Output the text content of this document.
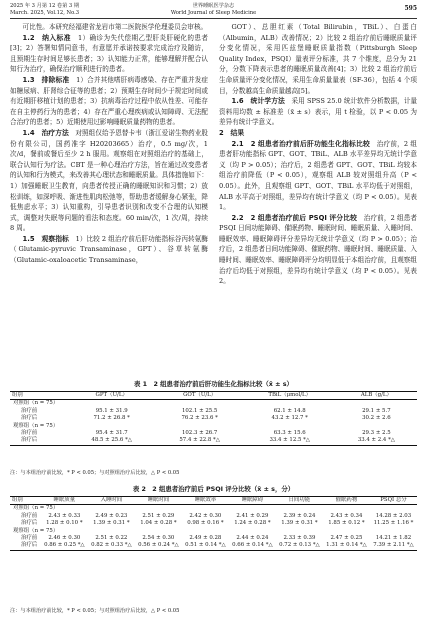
2025 年 3 月第 12 卷第 3 期
March. 2025, Vol.12, No.3
世界睡眠医学杂志
World Journal of Sleep Medicine
595

可比性。本研究经福建省龙岩市第二医院医学伦理委员会审核。

1.2　纳入标准　 1）确诊为失代偿期乙型肝炎肝硬化的患者[3]；2）答署知情同意书，有意愿并承诺按要求完成治疗及随访，且预期生存时间足够长患者；3）认知能力正常，能够理解并配合认知行为治疗，确保治疗顺利进行的患者。

1.3　排除标准　 1）合并其他嗜肝病毒感染、存在严重并发症如糖尿病、肝肾综合征等的患者；2）预期生存时间少于规定时间或有近期肝移植计划的患者；3）抗病毒治疗过程中依从性差、可能存在自主停药行为的患者；4）存在严重心理疾病或认知障碍、无法配合治疗的患者；5）近期使用过影响睡眠质量药物的患者。

1.4　治疗方法　 对照组仅给予恩替卡韦（浙江爱诺生物药业股份有限公司，国药准字 H20203665）治疗，0.5 mg/次，1 次/d，餐前或餐后至少 2 h 服用。观察组在对照组治疗的基础上，联合认知行为疗法。CBT 是一种心理治疗方法，旨在通过改变患者的认知和行为模式，来改善其心理状态和睡眠质量。具体措施如下：1）加强睡眠卫生教育，向患者传授正确的睡眠知识和习惯；2）放松训练，如深呼吸、渐进性肌肉松弛等，帮助患者缓解身心紧张，降低焦虑水平；3）认知重构，引导患者识别和改变不合理的认知模式，调整对失眠等问题的看法和态度。60 min/次，1 次/周，持续 8 周。

1.5　观察指标　 1）比较 2 组治疗前后肝功能指标谷丙转氨酶（Glutamic-pyruvic Transaminase，GPT）、谷草转氨酶（Glutamic-oxaloacetic Transaminase，

GOT）、总胆红素（Total Bilirubin，TBiL）、白蛋白（Albumin，ALB）改善情况；2）比较 2 组治疗前后睡眠质量评分变化情况，采用匹兹堡睡眠质量指数（Pittsburgh Sleep Quality Index，PSQI）量表评分标准，共 7 个维度，总分为 21 分，分数下降表示患者的睡眠质量改善[4]；3）比较 2 组治疗前后生命质量评分变化情况，采用生命质量量表（SF-36），包括 4 个项目，分数越高生命质量越高[5]。

1.6　统计学方法　 采用 SPSS 25.0 统计软件分析数据，计量资料用均数 ± 标准差（x̄ ± s）表示，用 t 检验，以 P < 0.05 为差异有统计学意义。

2　结果

2.1　2 组患者治疗前后肝功能生化指标比较　 治疗前，2 组患者肝功能指标 GPT、GOT、TBiL、ALB 水平差异均无统计学意义（均 P > 0.05）；治疗后，2 组患者 GPT、GOT、TBiL 均较本组治疗前降低（P < 0.05），观察组 ALB 较对照组升高（P < 0.05）。此外，且观察组 GPT、GOT、TBiL 水平均低于对照组，ALB 水平高于对照组，差异均有统计学意义（均 P < 0.05）。见表 1。

2.2　2 组患者治疗前后 PSQI 评分比较　 治疗前，2 组患者 PSQI 日间功能障碍、催眠药物、睡眠时间、睡眠质量、入睡时间、睡眠效率、睡眠障碍评分差异均无统计学意义（均 P > 0.05）；治疗后，2 组患者日间功能障碍、催眠药物、睡眠时间、睡眠质量、入睡时间、睡眠效率、睡眠障碍评分均明显低于本组治疗前，且观察组治疗后均低于对照组，差异均有统计学意义（均 P < 0.05）。见表 2。

表 1　2 组患者治疗前后肝功能生化指标比较（x̄ ± s）
组别	GPT（U/L）	GOT（U/L）	TBiL（μmol/L）	ALB（g/L）
对照组（n = 75）				
治疗前	95.1 ± 31.9	102.1 ± 25.5	62.1 ± 14.8	29.1 ± 5.7
治疗后	71.2 ± 26.8 *	76.2 ± 23.6 *	43.2 ± 12.7 *	30.2 ± 2.6
观察组（n = 75）				
治疗前	95.4 ± 31.7	102.3 ± 26.7	63.3 ± 15.6	29.3 ± 2.5
治疗后	48.5 ± 25.6 *△	57.4 ± 22.8 *△	33.4 ± 12.5 *△	33.4 ± 2.4 *△
注：与本组治疗前比较，* P < 0.05；与对照组治疗后比较，△ P < 0.05
表 2　2 组患者治疗前后 PSQI 评分比较（x̄ ± s，分）
组别	睡眠质量	入睡时间	睡眠时间	睡眠效率	睡眠障碍	日间功能	催眠药物	PSQI 总分
对照组（n = 75）								
治疗前	2.43 ± 0.33	2.49 ± 0.23	2.51 ± 0.29	2.42 ± 0.30	2.41 ± 0.29	2.39 ± 0.24	2.43 ± 0.34	14.28 ± 2.03
治疗后	1.28 ± 0.10 *	1.39 ± 0.31 *	1.04 ± 0.28 *	0.98 ± 0.16 *	1.24 ± 0.28 *	1.39 ± 0.31 *	1.85 ± 0.12 *	11.25 ± 1.16 *
观察组（n = 75）								
治疗前	2.46 ± 0.30	2.51 ± 0.22	2.54 ± 0.30	2.49 ± 0.28	2.44 ± 0.24	2.33 ± 0.39	2.47 ± 0.25	14.21 ± 1.82
治疗后	0.86 ± 0.25 *△	0.82 ± 0.33 *△	0.56 ± 0.24 *△	0.51 ± 0.14 *△	0.66 ± 0.14 *△	0.72 ± 0.13 *△	1.31 ± 0.14 *△	7.39 ± 2.11 *△
注：与本组治疗前比较，* P < 0.05；与对照组治疗后比较，△ P < 0.05
